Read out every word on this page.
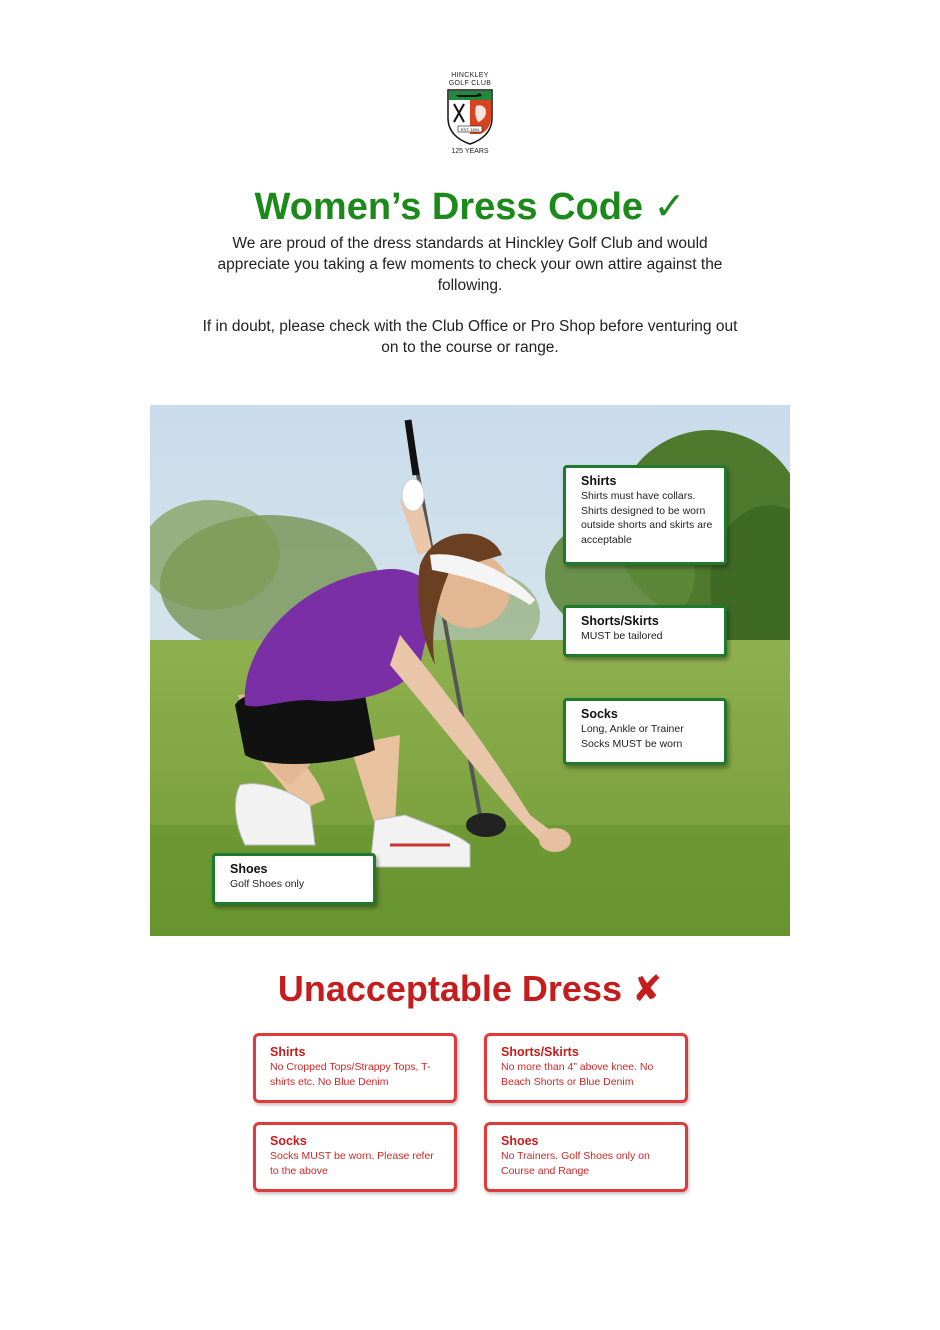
HINCKLEY
GOLF CLUB
EST. 1894
125 YEARS
Women’s Dress Code ✓
We are proud of the dress standards at Hinckley Golf Club and would appreciate you taking a few moments to check your own attire against the following.
If in doubt, please check with the Club Office or Pro Shop before venturing out on to the course or range.
Shirts
Shirts must have collars. Shirts designed to be worn outside shorts and skirts are acceptable
Shorts/Skirts
MUST be tailored
Socks
Long, Ankle or Trainer Socks MUST be worn
Shoes
Golf Shoes only
Unacceptable Dress ✘
Shirts
No Cropped Tops/Strappy Tops, T-shirts etc. No Blue Denim
Shorts/Skirts
No more than 4” above knee. No Beach Shorts or Blue Denim
Socks
Socks MUST be worn. Please refer to the above
Shoes
No Trainers. Golf Shoes only on Course and Range
